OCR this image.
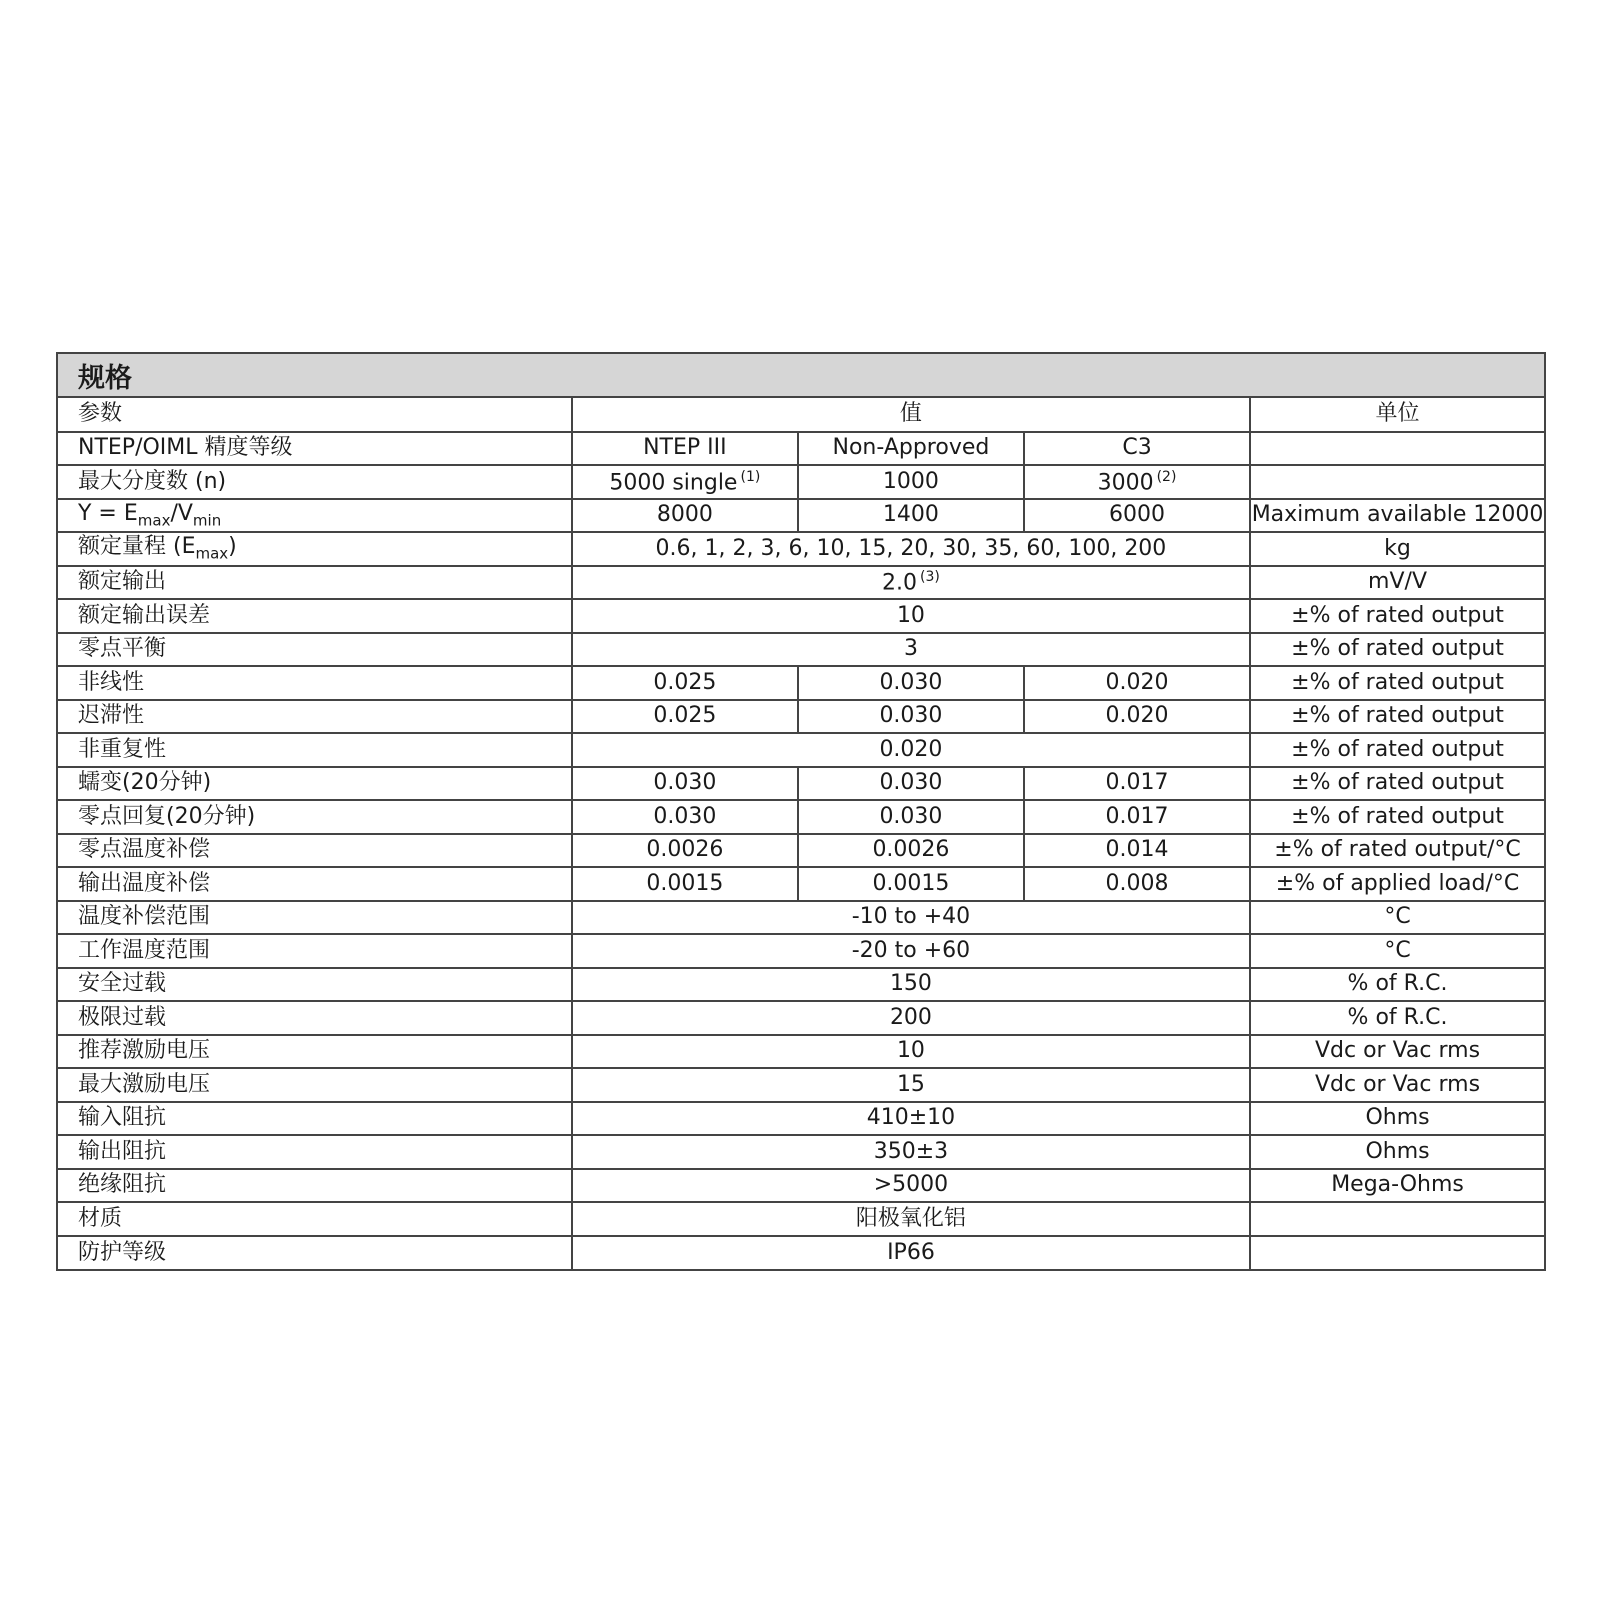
规格
参数	值			单位
NTEP/OIML 精度等级	NTEP III	Non-Approved	C3	
最大分度数 (n)	5000 single $^{(1)}$	1000	3000 $^{(2)}$	
$Y = E_{max}/V_{min}$	8000	1400	6000	Maximum available 12000
额定量程 $(E_{max})$	0.6, 1, 2, 3, 6, 10, 15, 20, 30, 35, 60, 100, 200			kg
额定输出	2.0 $^{(3)}$			mV/V
额定输出误差	10			±% of rated output
零点平衡	3			±% of rated output
非线性	0.025	0.030	0.020	±% of rated output
迟滞性	0.025	0.030	0.020	±% of rated output
非重复性	0.020			±% of rated output
蠕变(20分钟)	0.030	0.030	0.017	±% of rated output
零点回复(20分钟)	0.030	0.030	0.017	±% of rated output
零点温度补偿	0.0026	0.0026	0.014	±% of rated output/°C
输出温度补偿	0.0015	0.0015	0.008	±% of applied load/°C
温度补偿范围	-10 to +40			°C
工作温度范围	-20 to +60			°C
安全过载	150			% of R.C.
极限过载	200			% of R.C.
推荐激励电压	10			Vdc or Vac rms
最大激励电压	15			Vdc or Vac rms
输入阻抗	410±10			Ohms
输出阻抗	350±3			Ohms
绝缘阻抗	>5000			Mega-Ohms
材质	阳极氧化铝			
防护等级	IP66			
